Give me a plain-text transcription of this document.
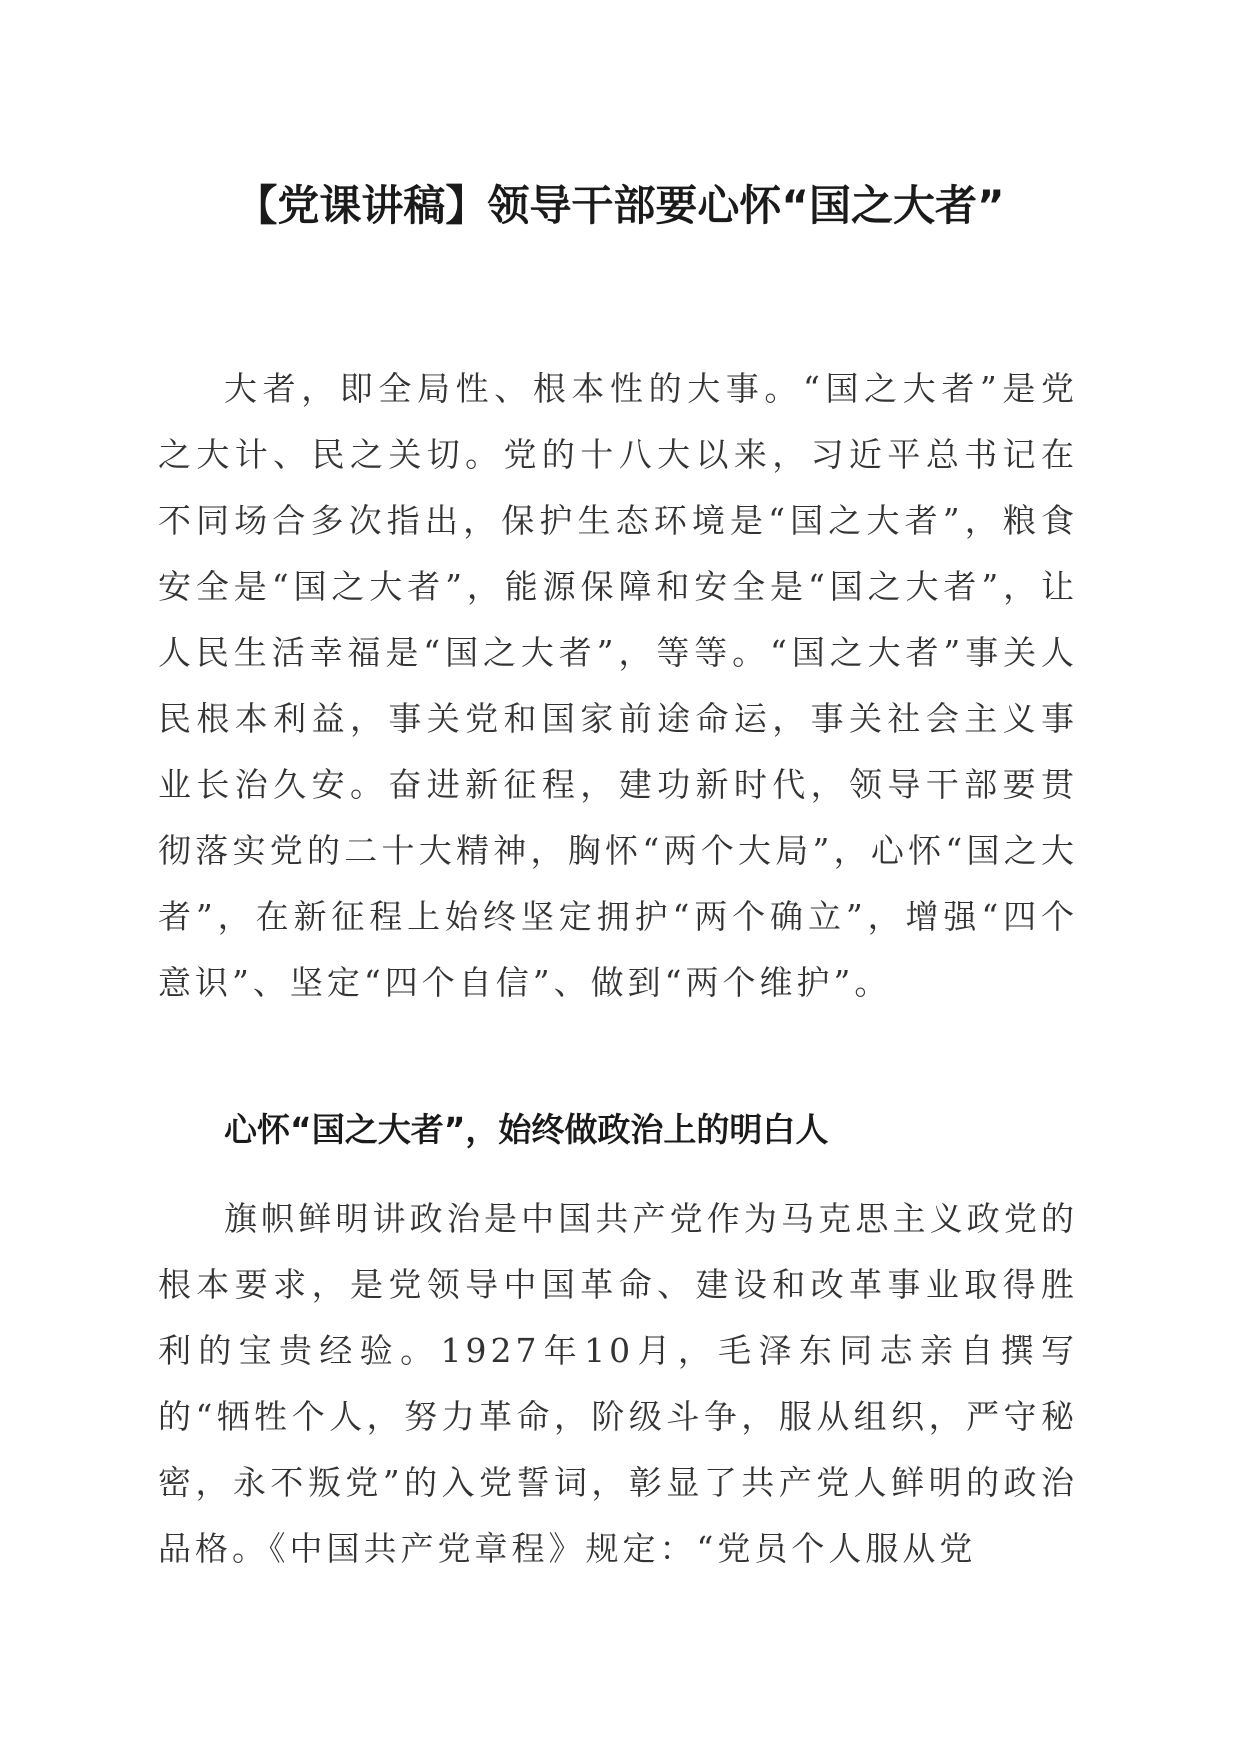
【党课讲稿】领导干部要心怀“国之大者”

大者，即全局性、根本性的大事。“国之大者”是党之大计、民之关切。党的十八大以来，习近平总书记在不同场合多次指出，保护生态环境是“国之大者”，粮食安全是“国之大者”，能源保障和安全是“国之大者”，让人民生活幸福是“国之大者”，等等。“国之大者”事关人民根本利益，事关党和国家前途命运，事关社会主义事业长治久安。奋进新征程，建功新时代，领导干部要贯彻落实党的二十大精神，胸怀“两个大局”，心怀“国之大者”，在新征程上始终坚定拥护“两个确立”，增强“四个意识”、坚定“四个自信”、做到“两个维护”。

心怀“国之大者”，始终做政治上的明白人

旗帜鲜明讲政治是中国共产党作为马克思主义政党的根本要求，是党领导中国革命、建设和改革事业取得胜利的宝贵经验。1927年10月，毛泽东同志亲自撰写的“牺牲个人，努力革命，阶级斗争，服从组织，严守秘密，永不叛党”的入党誓词，彰显了共产党人鲜明的政治品格。《中国共产党章程》规定：“党员个人服从党
